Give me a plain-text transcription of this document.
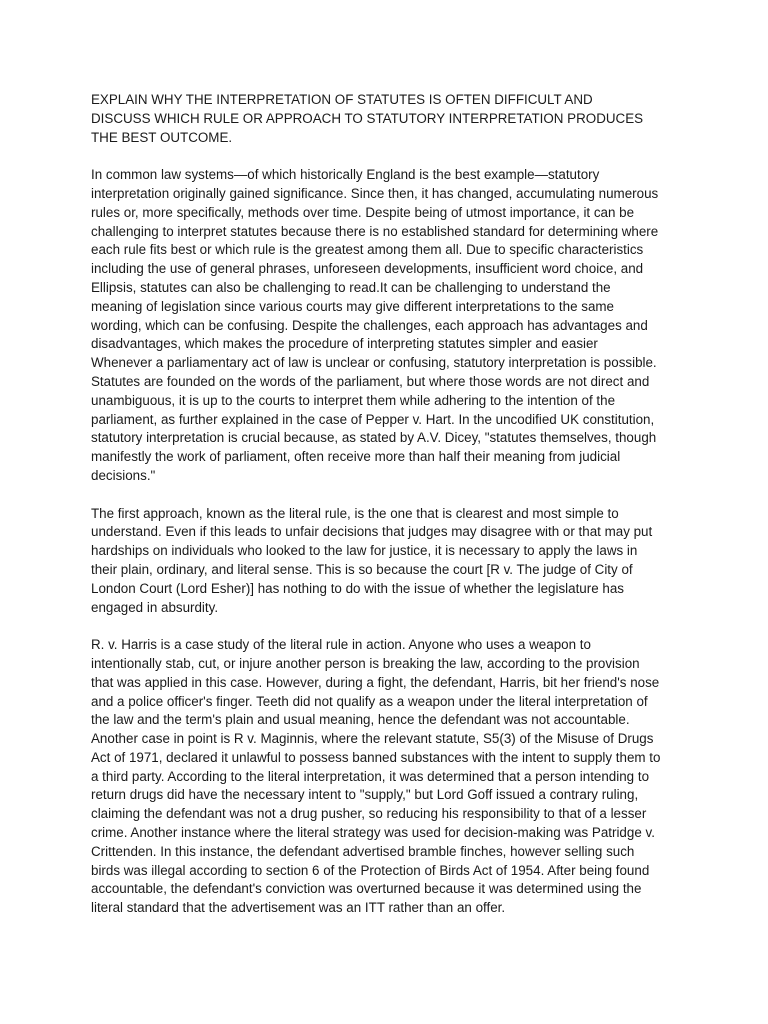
EXPLAIN WHY THE INTERPRETATION OF STATUTES IS OFTEN DIFFICULT AND
DISCUSS WHICH RULE OR APPROACH TO STATUTORY INTERPRETATION PRODUCES
THE BEST OUTCOME.
In common law systems—of which historically England is the best example—statutory
interpretation originally gained significance. Since then, it has changed, accumulating numerous
rules or, more specifically, methods over time. Despite being of utmost importance, it can be
challenging to interpret statutes because there is no established standard for determining where
each rule fits best or which rule is the greatest among them all. Due to specific characteristics
including the use of general phrases, unforeseen developments, insufficient word choice, and
Ellipsis, statutes can also be challenging to read.It can be challenging to understand the
meaning of legislation since various courts may give different interpretations to the same
wording, which can be confusing. Despite the challenges, each approach has advantages and
disadvantages, which makes the procedure of interpreting statutes simpler and easier
Whenever a parliamentary act of law is unclear or confusing, statutory interpretation is possible.
Statutes are founded on the words of the parliament, but where those words are not direct and
unambiguous, it is up to the courts to interpret them while adhering to the intention of the
parliament, as further explained in the case of Pepper v. Hart. In the uncodified UK constitution,
statutory interpretation is crucial because, as stated by A.V. Dicey, "statutes themselves, though
manifestly the work of parliament, often receive more than half their meaning from judicial
decisions."
The first approach, known as the literal rule, is the one that is clearest and most simple to
understand. Even if this leads to unfair decisions that judges may disagree with or that may put
hardships on individuals who looked to the law for justice, it is necessary to apply the laws in
their plain, ordinary, and literal sense. This is so because the court [R v. The judge of City of
London Court (Lord Esher)] has nothing to do with the issue of whether the legislature has
engaged in absurdity.
R. v. Harris is a case study of the literal rule in action. Anyone who uses a weapon to
intentionally stab, cut, or injure another person is breaking the law, according to the provision
that was applied in this case. However, during a fight, the defendant, Harris, bit her friend's nose
and a police officer's finger. Teeth did not qualify as a weapon under the literal interpretation of
the law and the term's plain and usual meaning, hence the defendant was not accountable.
Another case in point is R v. Maginnis, where the relevant statute, S5(3) of the Misuse of Drugs
Act of 1971, declared it unlawful to possess banned substances with the intent to supply them to
a third party. According to the literal interpretation, it was determined that a person intending to
return drugs did have the necessary intent to "supply," but Lord Goff issued a contrary ruling,
claiming the defendant was not a drug pusher, so reducing his responsibility to that of a lesser
crime. Another instance where the literal strategy was used for decision-making was Patridge v.
Crittenden. In this instance, the defendant advertised bramble finches, however selling such
birds was illegal according to section 6 of the Protection of Birds Act of 1954. After being found
accountable, the defendant's conviction was overturned because it was determined using the
literal standard that the advertisement was an ITT rather than an offer.
